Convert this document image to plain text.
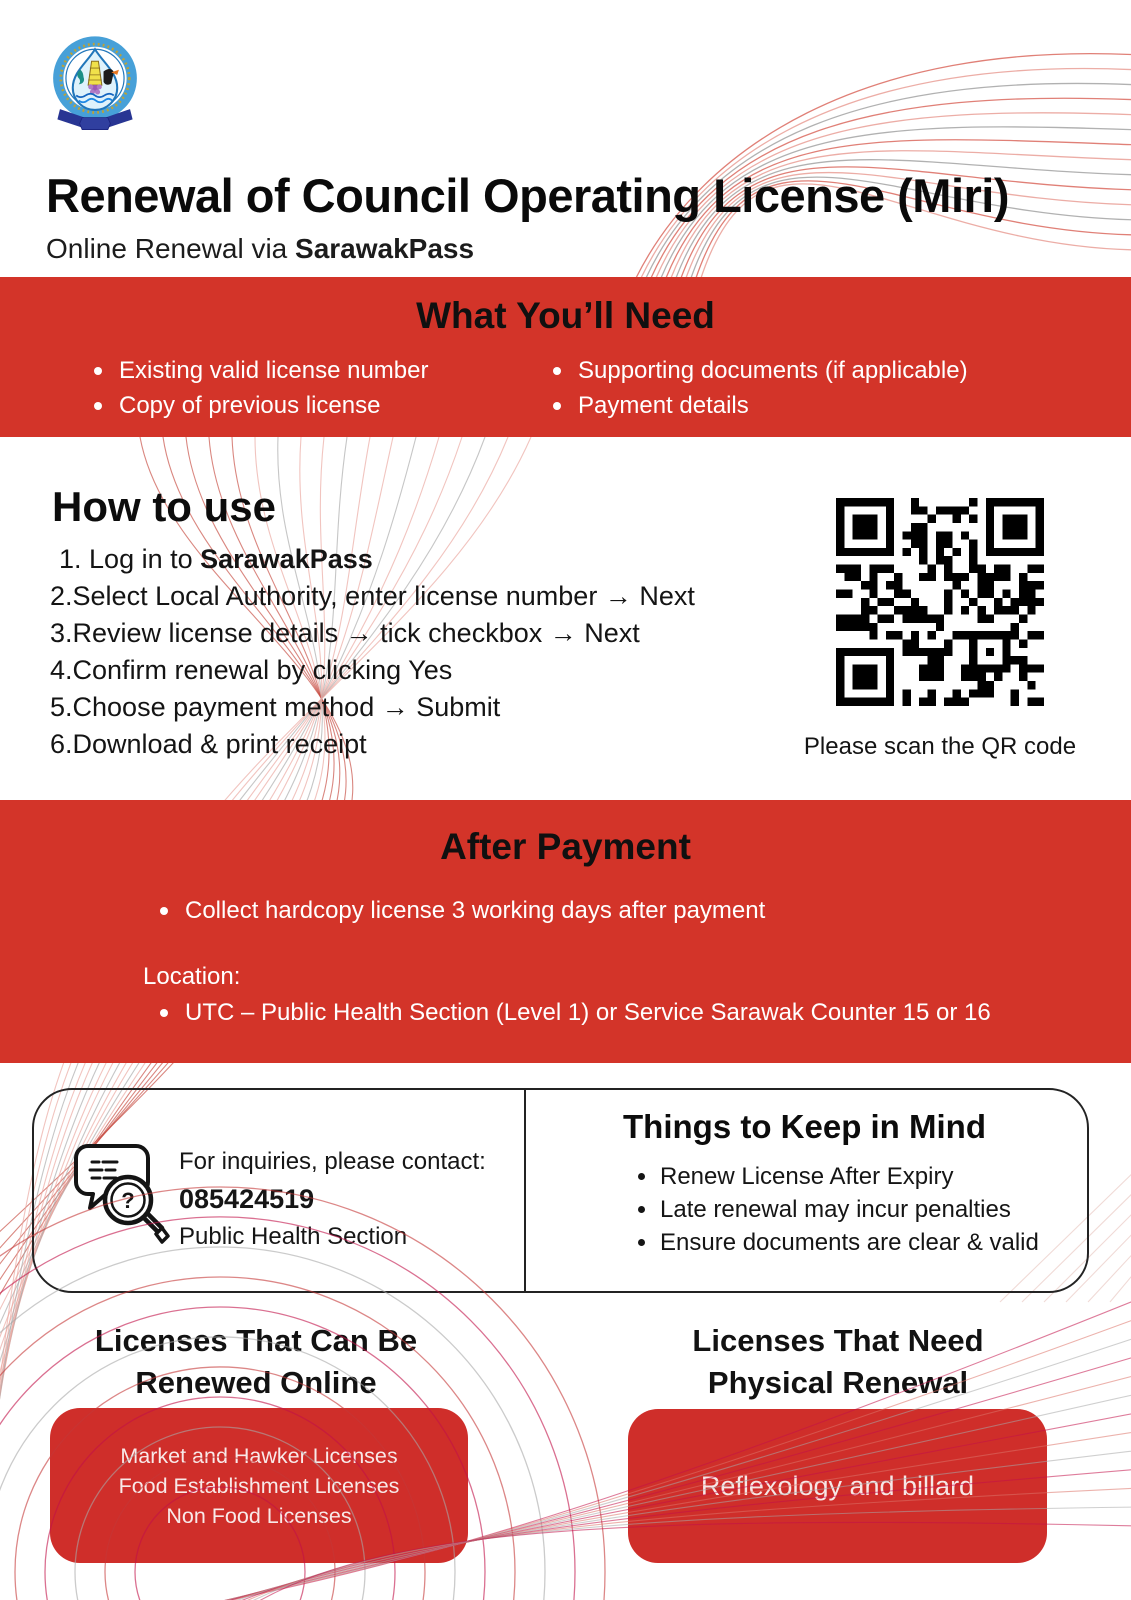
Renewal of Council Operating License (Miri)

Online Renewal via SarawakPass

What You’ll Need
Existing valid license number
Copy of previous license
Supporting documents (if applicable)
Payment details
How to use
1. Log in to SarawakPass
2.Select Local Authority, enter license number → Next
3.Review license details → tick checkbox → Next
4.Confirm renewal by clicking Yes
5.Choose payment method → Submit
6.Download & print receipt	Please scan the QR code
After Payment
Collect hardcopy license 3 working days after payment
Location:
UTC – Public Health Section (Level 1) or Service Sarawak Counter 15 or 16
?
For inquiries, please contact:
085424519
Public Health Section
Things to Keep in Mind
Renew License After Expiry
Late renewal may incur penalties
Ensure documents are clear & valid
Licenses That Can Be
Renewed Online
Licenses That Need
Physical Renewal
Market and Hawker Licenses
Food Establishment Licenses
Non Food Licenses
Reflexology and billard
